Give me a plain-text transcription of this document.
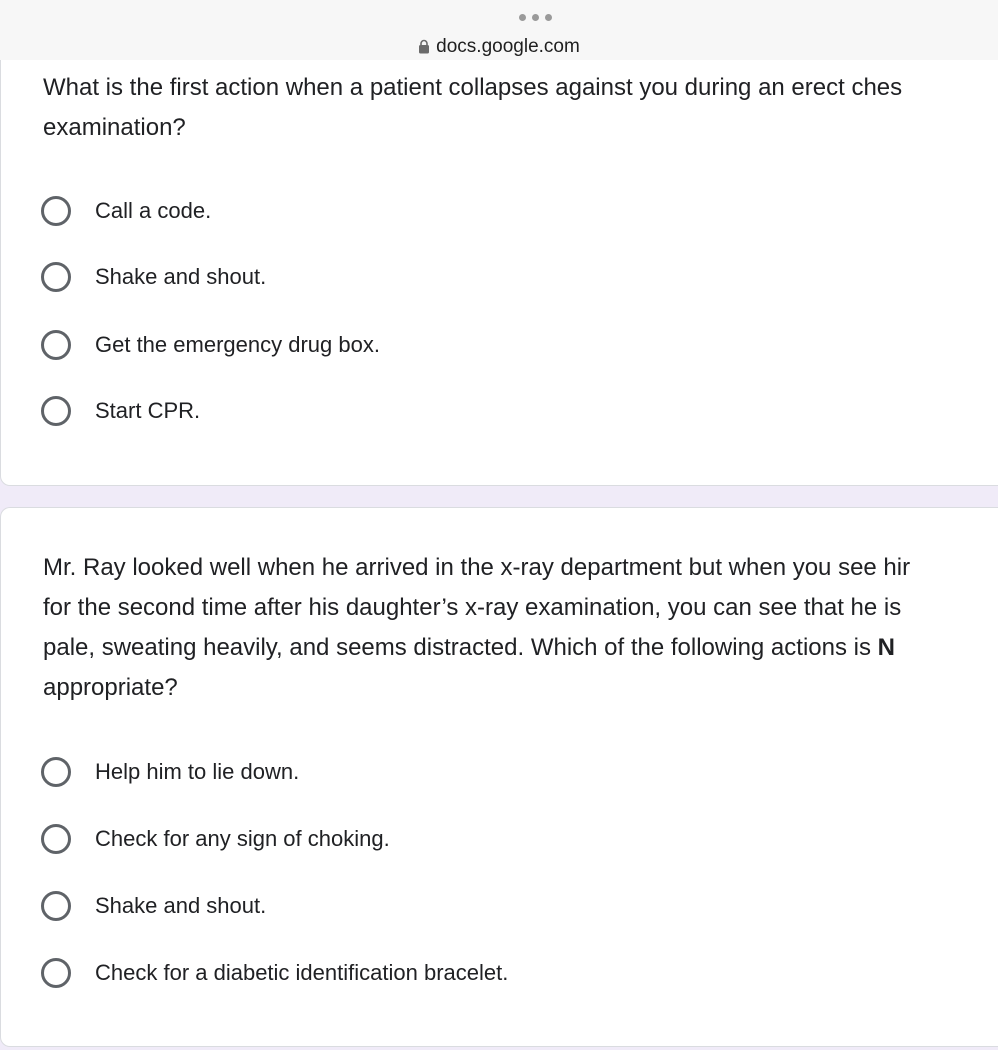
docs.google.com
What is the first action when a patient collapses against you during an erect ches
examination?
Call a code.
Shake and shout.
Get the emergency drug box.
Start CPR.
Mr. Ray looked well when he arrived in the x-ray department but when you see hir
for the second time after his daughter’s x-ray examination, you can see that he is
pale, sweating heavily, and seems distracted. Which of the following actions is N
appropriate?
Help him to lie down.
Check for any sign of choking.
Shake and shout.
Check for a diabetic identification bracelet.
